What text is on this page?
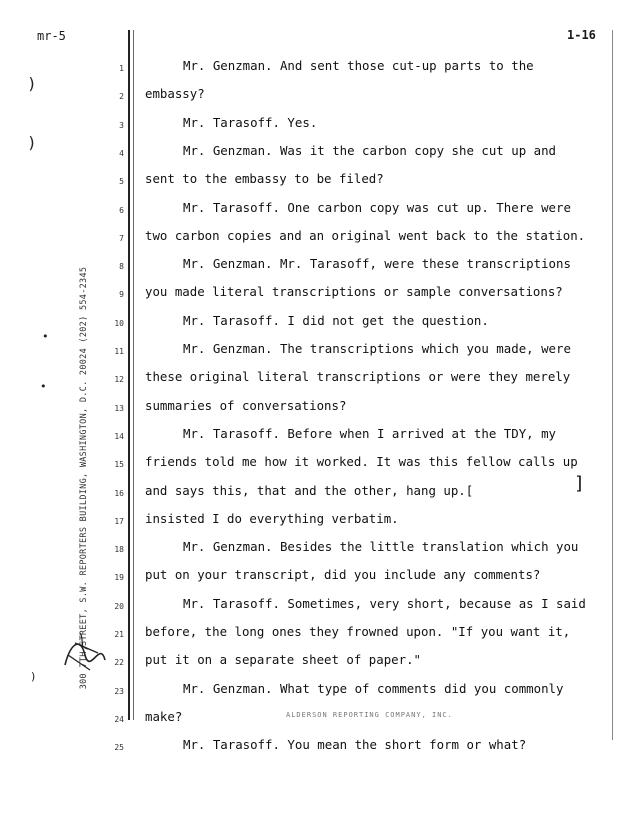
mr-5	1-16
300 7TH STREET, S.W. REPORTERS BUILDING, WASHINGTON, D.C. 20024 (202) 554-2345
1	Mr. Genzman. And sent those cut-up parts to the
2 embassy?
3	Mr. Tarasoff. Yes.
4	Mr. Genzman. Was it the carbon copy she cut up and
5 sent to the embassy to be filed?
6	Mr. Tarasoff. One carbon copy was cut up. There were
7 two carbon copies and an original went back to the station.
8	Mr. Genzman. Mr. Tarasoff, were these transcriptions
9 you made literal transcriptions or sample conversations?
10	Mr. Tarasoff. I did not get the question.
11	Mr. Genzman. The transcriptions which you made, were
12 these original literal transcriptions or were they merely
13 summaries of conversations?
14	Mr. Tarasoff. Before when I arrived at the TDY, my
15 friends told me how it worked. It was this fellow calls up
16 and says this, that and the other, hang up.[
17 insisted I do everything verbatim.
18	Mr. Genzman. Besides the little translation which you
19 put on your transcript, did you include any comments?
20	Mr. Tarasoff. Sometimes, very short, because as I said
21 before, the long ones they frowned upon. "If you want it,
22 put it on a separate sheet of paper."
23	Mr. Genzman. What type of comments did you commonly
24 make?
25	Mr. Tarasoff. You mean the short form or what?
]
ALDERSON REPORTING COMPANY, INC.
)
)
•
•
)
